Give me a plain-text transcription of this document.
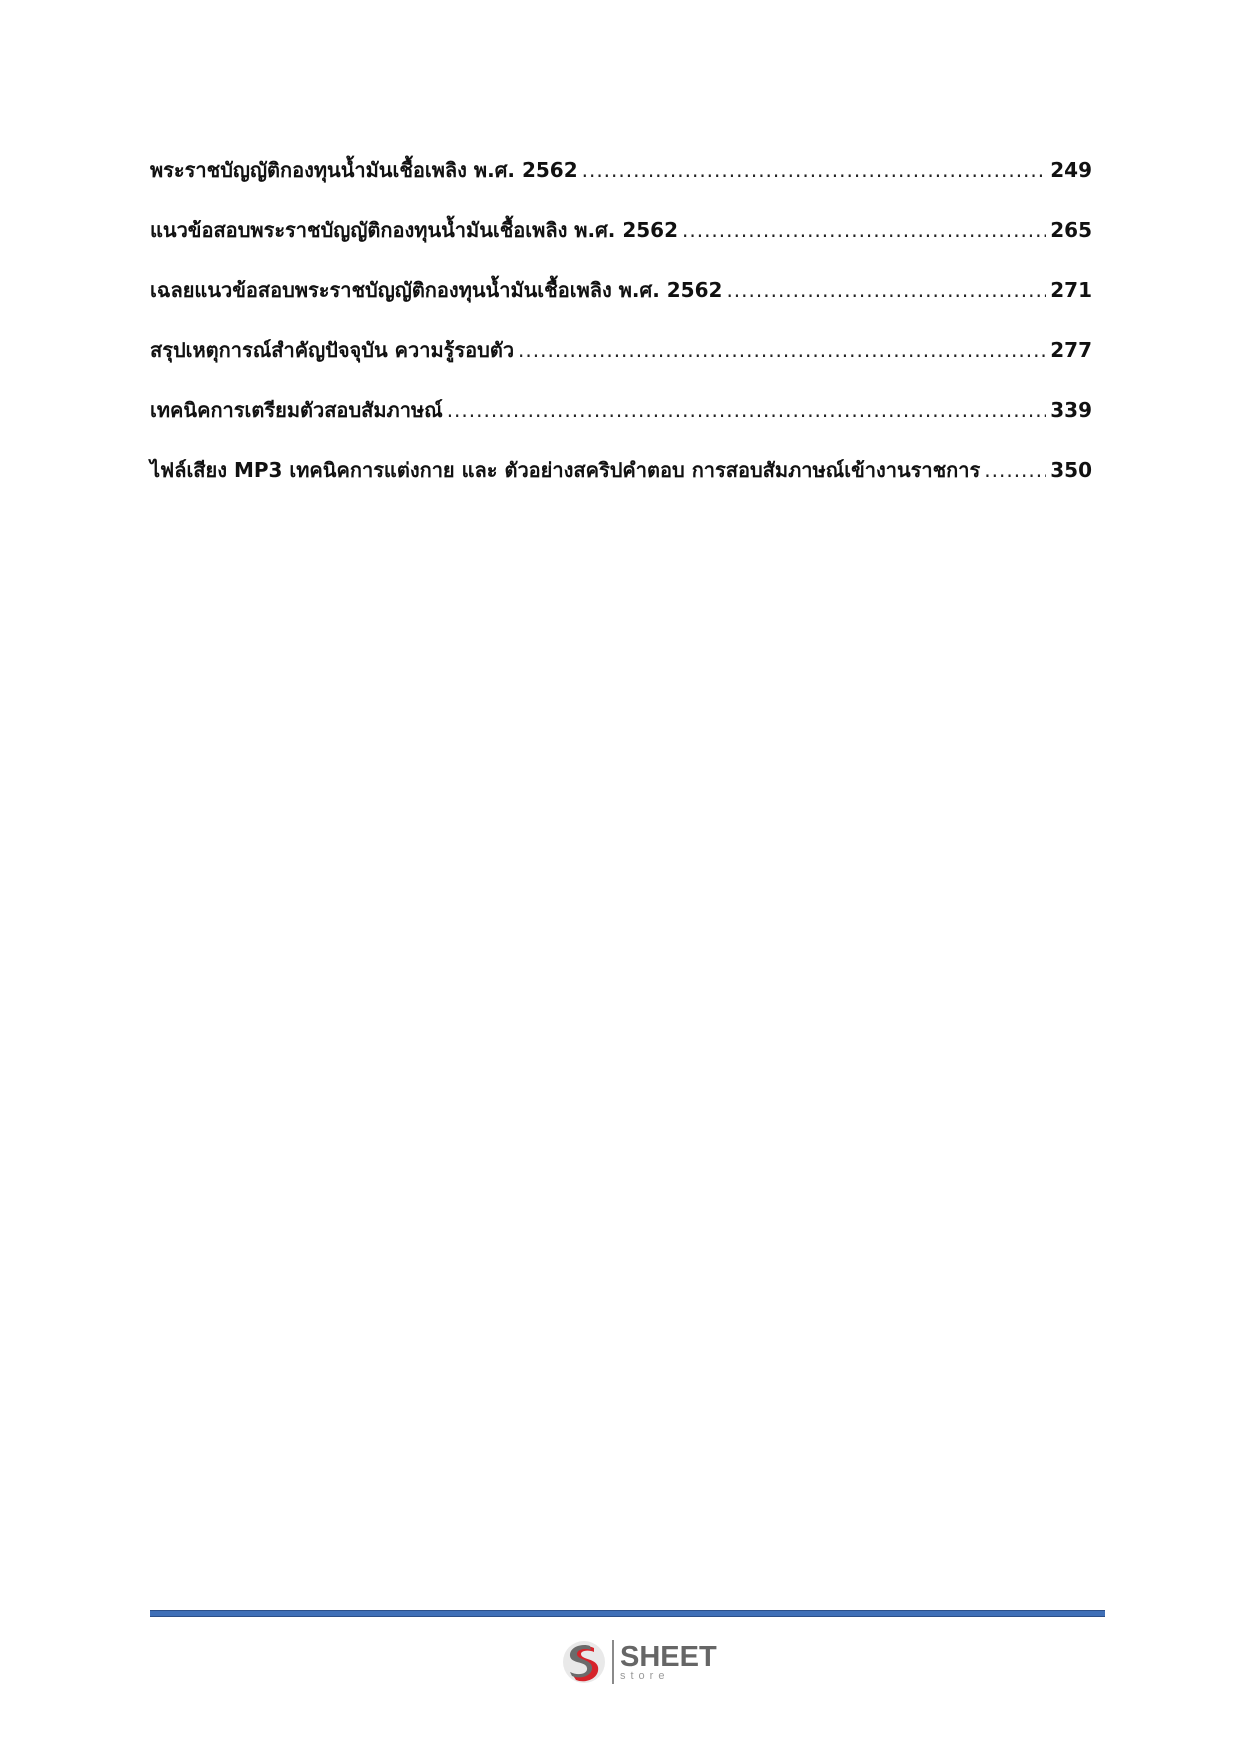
พระราชบัญญัติกองทุนน้ำมันเชื้อเพลิง พ.ศ. 2562 .....	249
แนวข้อสอบพระราชบัญญัติกองทุนน้ำมันเชื้อเพลิง พ.ศ. 2562 .....	265
เฉลยแนวข้อสอบพระราชบัญญัติกองทุนน้ำมันเชื้อเพลิง พ.ศ. 2562 .....	271
สรุปเหตุการณ์สำคัญปัจจุบัน ความรู้รอบตัว .....	277
เทคนิคการเตรียมตัวสอบสัมภาษณ์ .....	339
ไฟล์เสียง MP3 เทคนิคการแต่งกาย และ ตัวอย่างสคริปคำตอบ การสอบสัมภาษณ์เข้างานราชการ .....	350
SHEET
store
